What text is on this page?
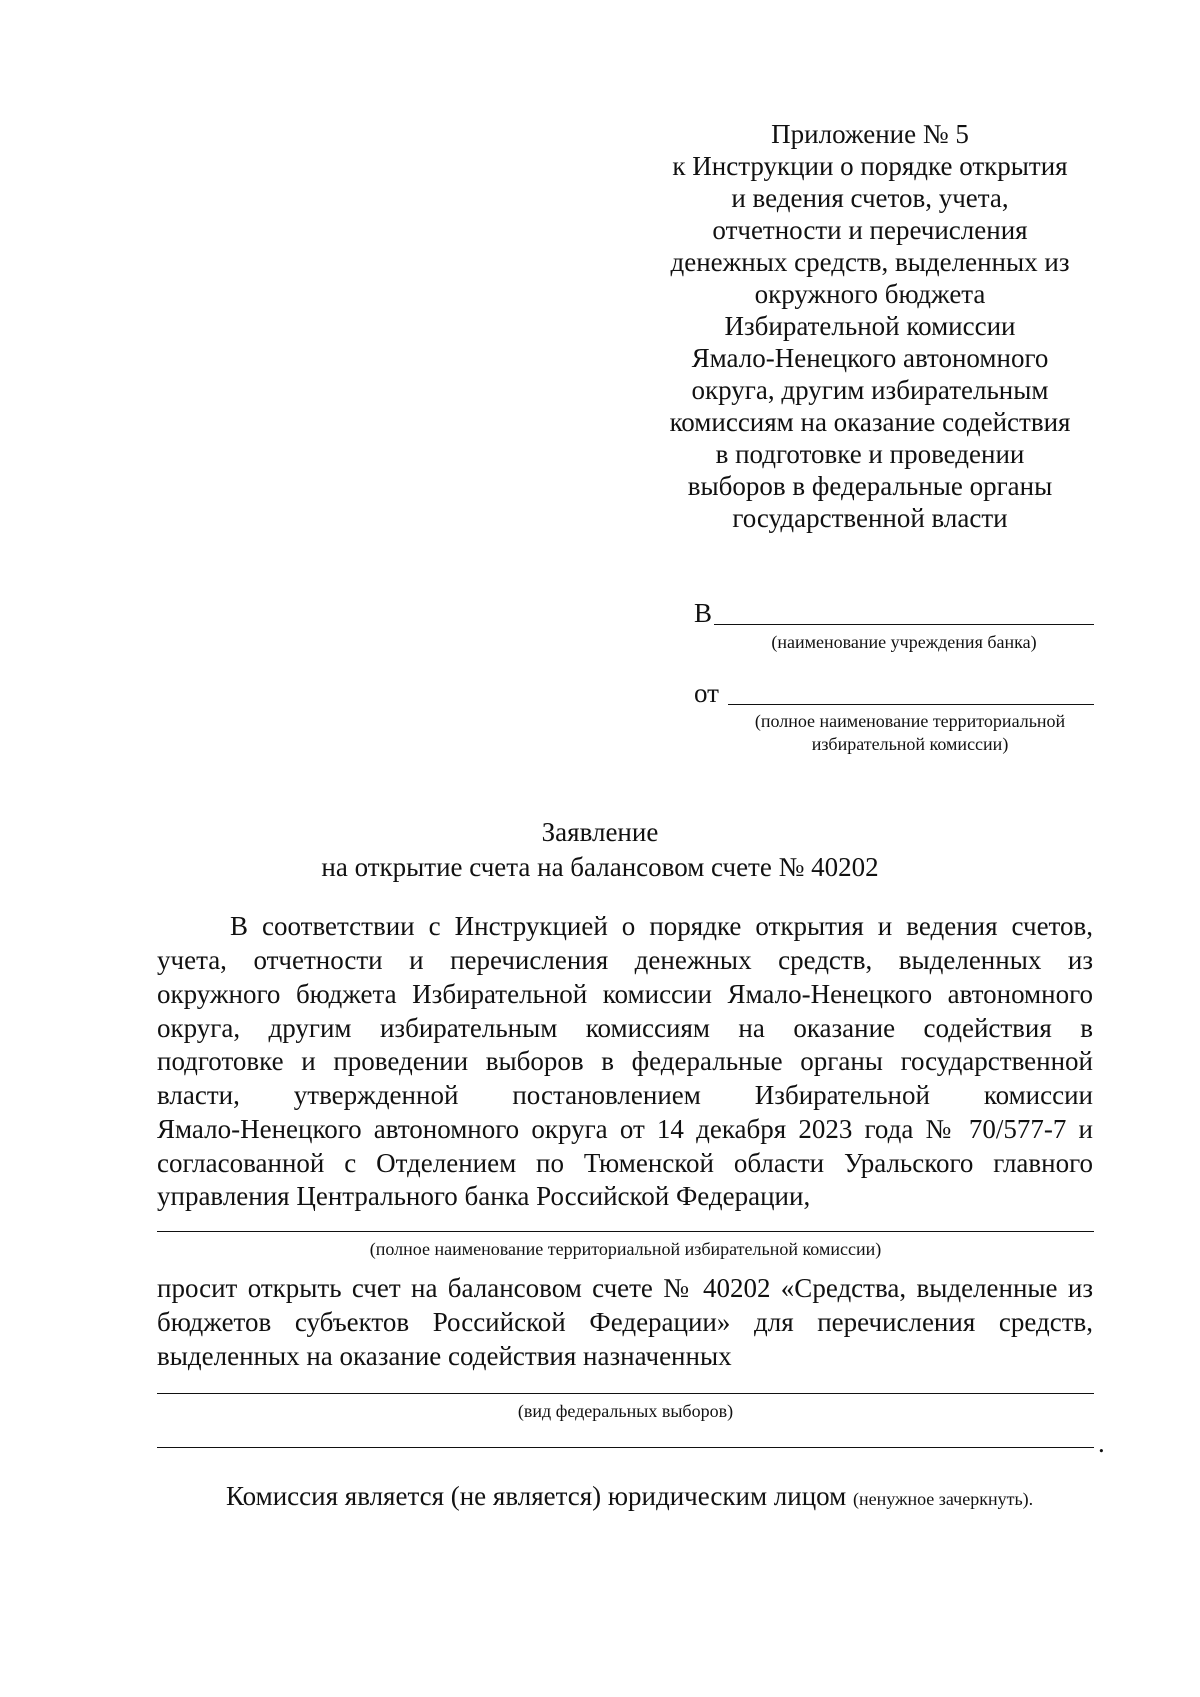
Приложение № 5
к Инструкции о порядке открытия
и ведения счетов, учета,
отчетности и перечисления
денежных средств, выделенных из
окружного бюджета
Избирательной комиссии
Ямало-Ненецкого автономного
округа, другим избирательным
комиссиям на оказание содействия
в подготовке и проведении
выборов в федеральные органы
государственной власти
В
(наименование учреждения банка)
от
(полное наименование территориальной
избирательной комиссии)
Заявление
на открытие счета на балансовом счете № 40202
В соответствии с Инструкцией о порядке открытия и ведения счетов,
учета, отчетности и перечисления денежных средств, выделенных из
окружного бюджета Избирательной комиссии Ямало-Ненецкого автономного
округа, другим избирательным комиссиям на оказание содействия в
подготовке и проведении выборов в федеральные органы государственной
власти, утвержденной постановлением Избирательной комиссии
Ямало-Ненецкого автономного округа от 14 декабря 2023 года № 70/577-7 и
согласованной с Отделением по Тюменской области Уральского главного
управления Центрального банка Российской Федерации,
(полное наименование территориальной избирательной комиссии)
просит открыть счет на балансовом счете № 40202 «Средства, выделенные из
бюджетов субъектов Российской Федерации» для перечисления средств,
выделенных на оказание содействия назначенных
(вид федеральных выборов)
.
Комиссия является (не является) юридическим лицом (ненужное зачеркнуть).
